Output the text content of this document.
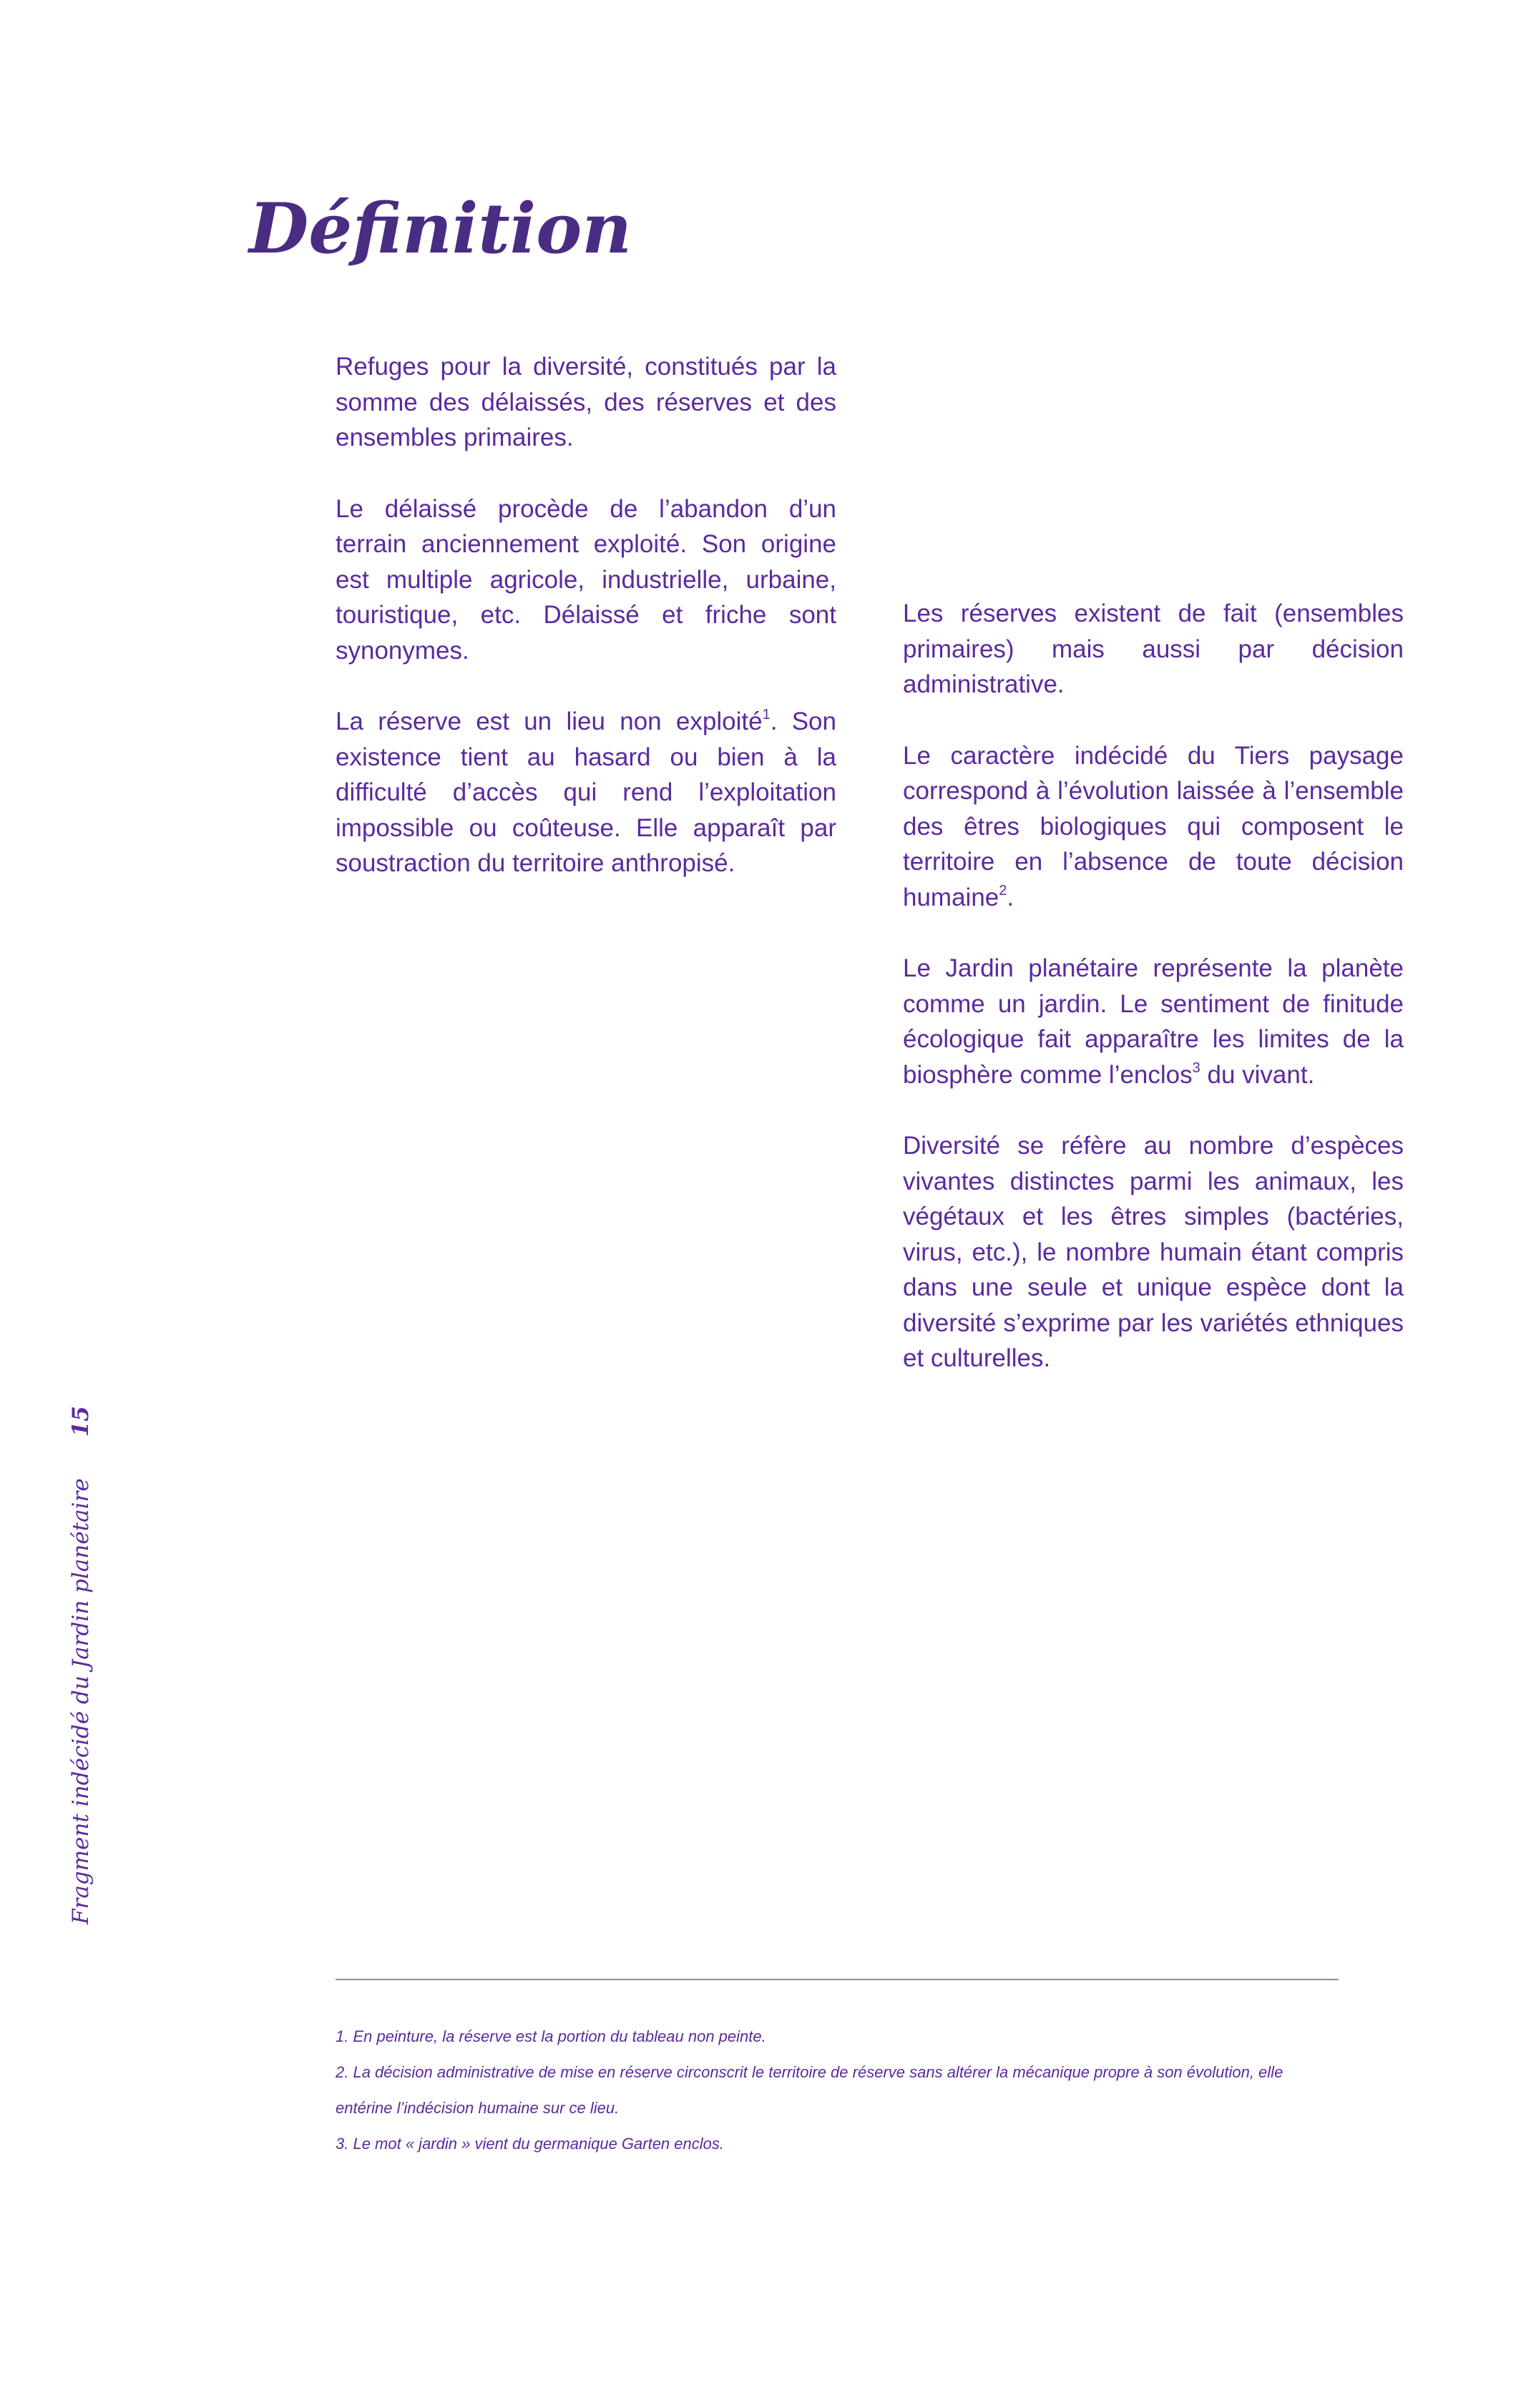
Définition

Refuges pour la diversité, constitués par la somme des délaissés, des réserves et des ensembles primaires.

Le délaissé procède de l’abandon d’un terrain anciennement exploité. Son origine est multiple agricole, industrielle, urbaine, touristique, etc. Délaissé et friche sont synonymes.

La réserve est un lieu non exploité$^1$. Son existence tient au hasard ou bien à la difficulté d’accès qui rend l’exploitation impossible ou coûteuse. Elle apparaît par soustraction du territoire anthropisé.

Les réserves existent de fait (ensembles primaires) mais aussi par décision administrative.

Le caractère indécidé du Tiers paysage correspond à l’évolution laissée à l’ensemble des êtres biologiques qui composent le territoire en l’absence de toute décision humaine$^2$.

Le Jardin planétaire représente la planète comme un jardin. Le sentiment de finitude écologique fait apparaître les limites de la biosphère comme l’enclos$^3$ du vivant.

Diversité se réfère au nombre d’espèces vivantes distinctes parmi les animaux, les végétaux et les êtres simples (bactéries, virus, etc.), le nombre humain étant compris dans une seule et unique espèce dont la diversité s’exprime par les variétés ethniques et culturelles.

Fragment indécidé du Jardin planétaire15

1. En peinture, la réserve est la portion du tableau non peinte.

2. La décision administrative de mise en réserve circonscrit le territoire de réserve sans altérer la mécanique propre à son évolution, elle entérine l’indécision humaine sur ce lieu.

3. Le mot « jardin » vient du germanique Garten enclos.
